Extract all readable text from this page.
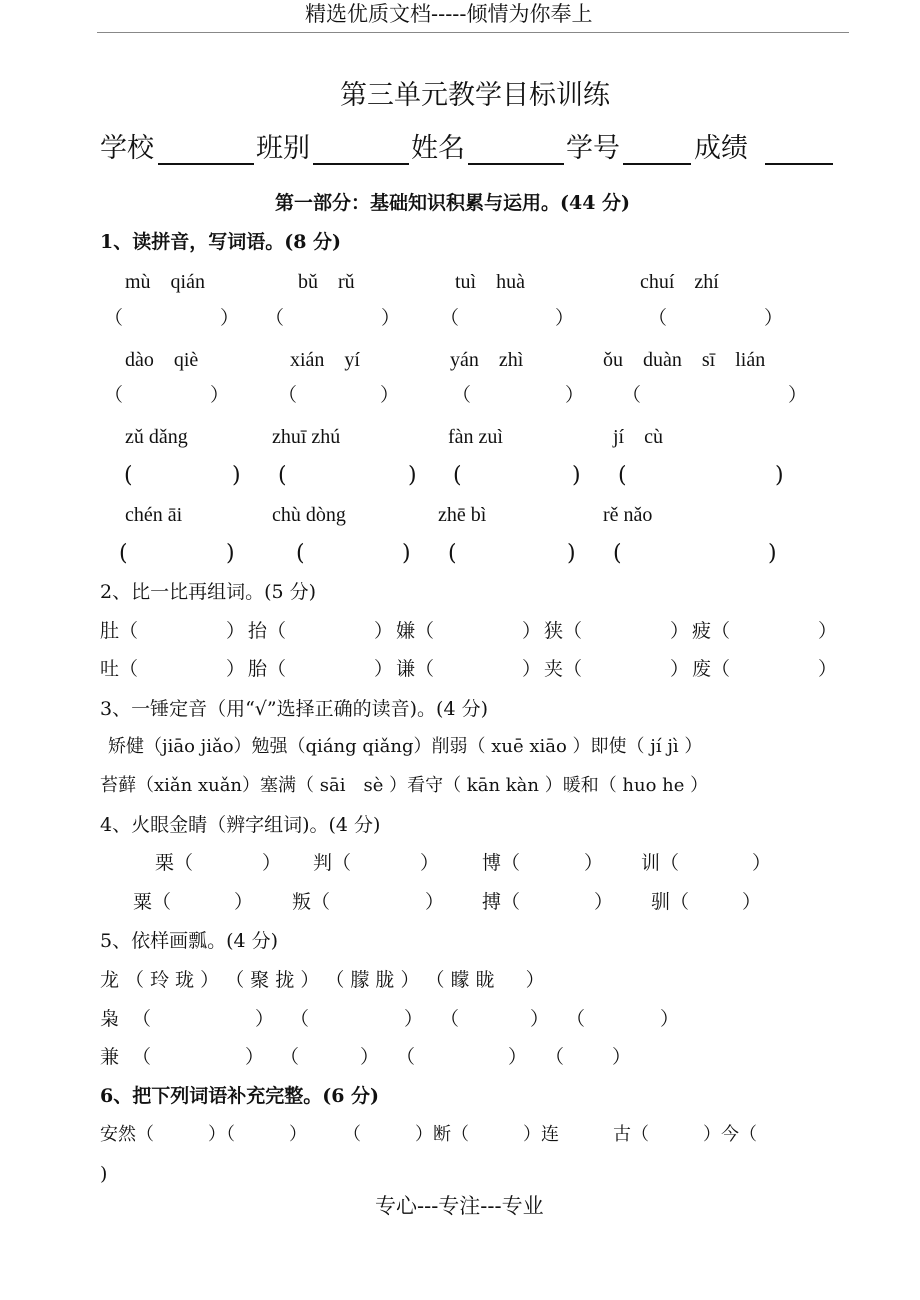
精选优质文档-----倾情为你奉上
第三单元教学目标训练
学校	班别	姓名	学号	成绩
第一部分：基础知识积累与运用。(44 分)
1、读拼音，写词语。(8 分)
mù　qián	bǔ　rǔ	tuì　huà	chuí　zhí
（	） （	） （	）	（	）
dào　qiè	xián　yí	yán　zhì	ǒu　duàn　sī　lián
（	）	（	）	（	） （	）
zǔ dǎng	zhuī zhú	fàn zuì	jí　cù
(	) (	) (	) (	)
chén āi	chù dòng	zhē bì	rě nǎo
(	)	(	) (	) (	)
2、比一比再组词。(5 分)
肚 （	） 抬 （	） 嫌 （	） 狭 （	） 疲 （	）
吐 （	） 胎 （	） 谦 （	） 夹 （	） 废 （	）
3、一锤定音（用“√”选择正确的读音)。(4 分)
矫健（jiāo jiǎo）勉强（qiáng qiǎng）削弱（ xuē xiāo ）即使（ jí jì ）
苔藓（xiǎn xuǎn）塞满（ sāi　sè ）看守（ kān kàn ）暖和（ huo he ）
4、火眼金睛（辨字组词)。(4 分)
栗 （	） 判 （	） 博 （	） 训 （	）
粟 （	） 叛 （	） 搏 （	） 驯 （	）
5、依样画瓢。(4 分)
龙 （ 玲 珑 ） （ 聚 拢 ） （ 朦 胧 ） （ 矇 眬 　 ）
枭 （	） （	） （	） （	）
兼 （	） （	） （	） （	）
6、把下列词语补充完整。(6 分)
安然（　　　）（　　　）　　　（　　　）断（　　　）连　　　古（　　　）今（
)
专心---专注---专业
